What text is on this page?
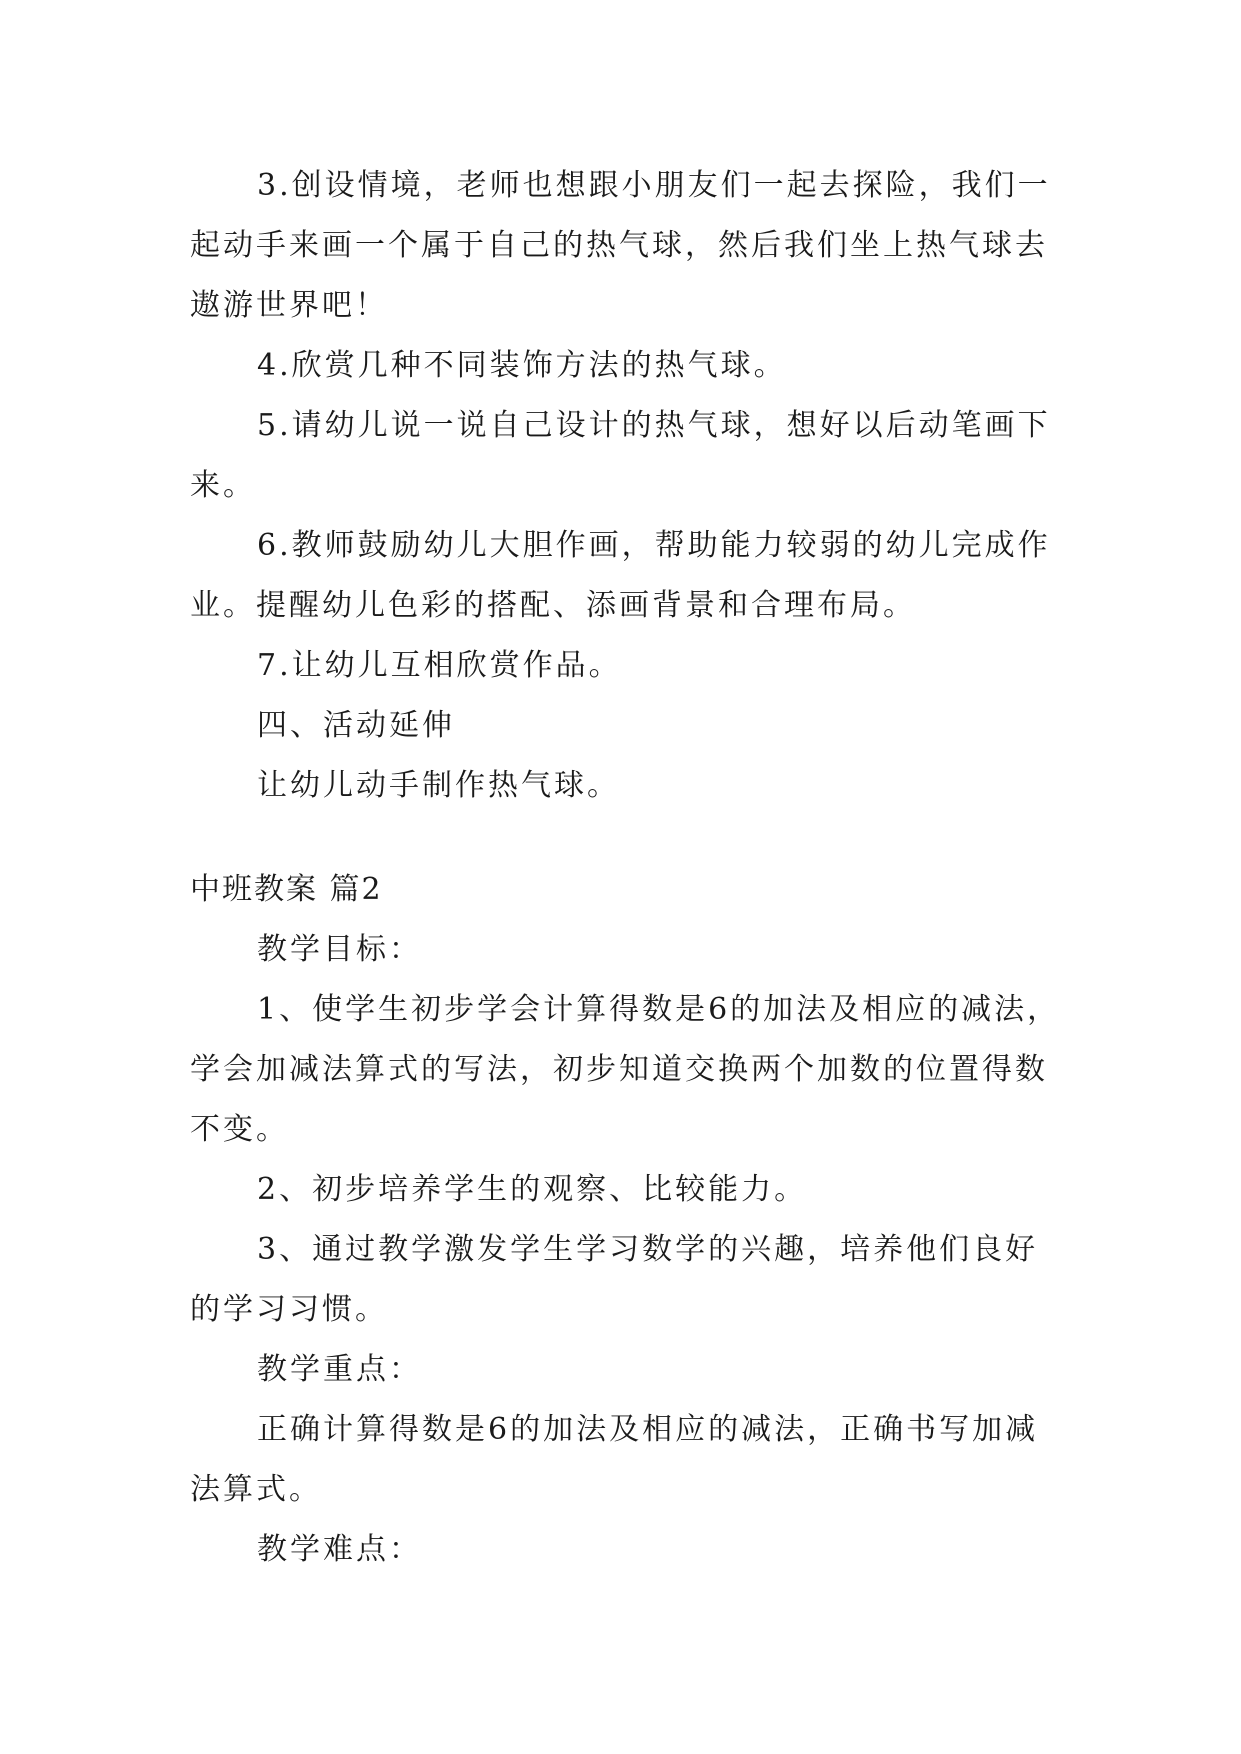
3.创设情境，老师也想跟小朋友们一起去探险，我们一
起动手来画一个属于自己的热气球，然后我们坐上热气球去
遨游世界吧！
4.欣赏几种不同装饰方法的热气球。
5.请幼儿说一说自己设计的热气球，想好以后动笔画下
来。
6.教师鼓励幼儿大胆作画，帮助能力较弱的幼儿完成作
业。提醒幼儿色彩的搭配、添画背景和合理布局。
7.让幼儿互相欣赏作品。
四、活动延伸
让幼儿动手制作热气球。
中班教案 篇2
教学目标：
1、使学生初步学会计算得数是6的加法及相应的减法，
学会加减法算式的写法，初步知道交换两个加数的位置得数
不变。
2、初步培养学生的观察、比较能力。
3、通过教学激发学生学习数学的兴趣，培养他们良好
的学习习惯。
教学重点：
正确计算得数是6的加法及相应的减法，正确书写加减
法算式。
教学难点：
